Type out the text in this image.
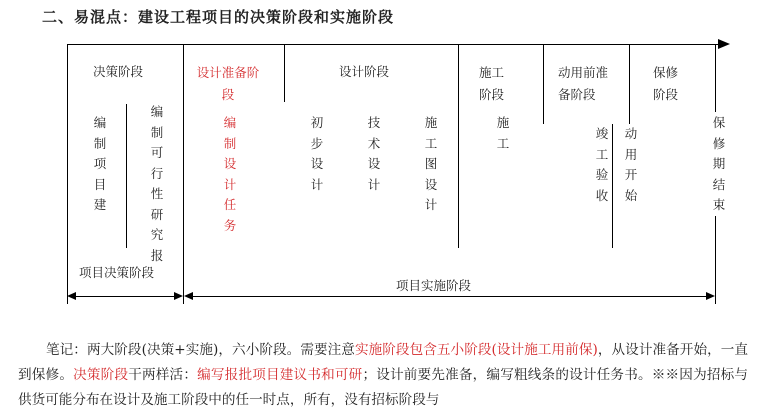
二、易混点：建设工程项目的决策阶段和实施阶段
决策阶段	设计准备阶段
设计阶段	施工阶段
动用前准备阶段
保修阶段
编制项目建
编制可行性研究报
编制设计任务
初步设计
技术设计
施工图设计
施工
竣工验收
动用开始
保修期结束
项目决策阶段
项目实施阶段
笔记：两大阶段(决策+实施)，六小阶段。需要注意实施阶段包含五小阶段(设计施工用前保)，从设计准备开始，一直到保修。决策阶段干两样活：编写报批项目建议书和可研；设计前要先准备，编写粗线条的设计任务书。※※因为招标与供货可能分布在设计及施工阶段中的任一时点，所有，没有招标阶段与
